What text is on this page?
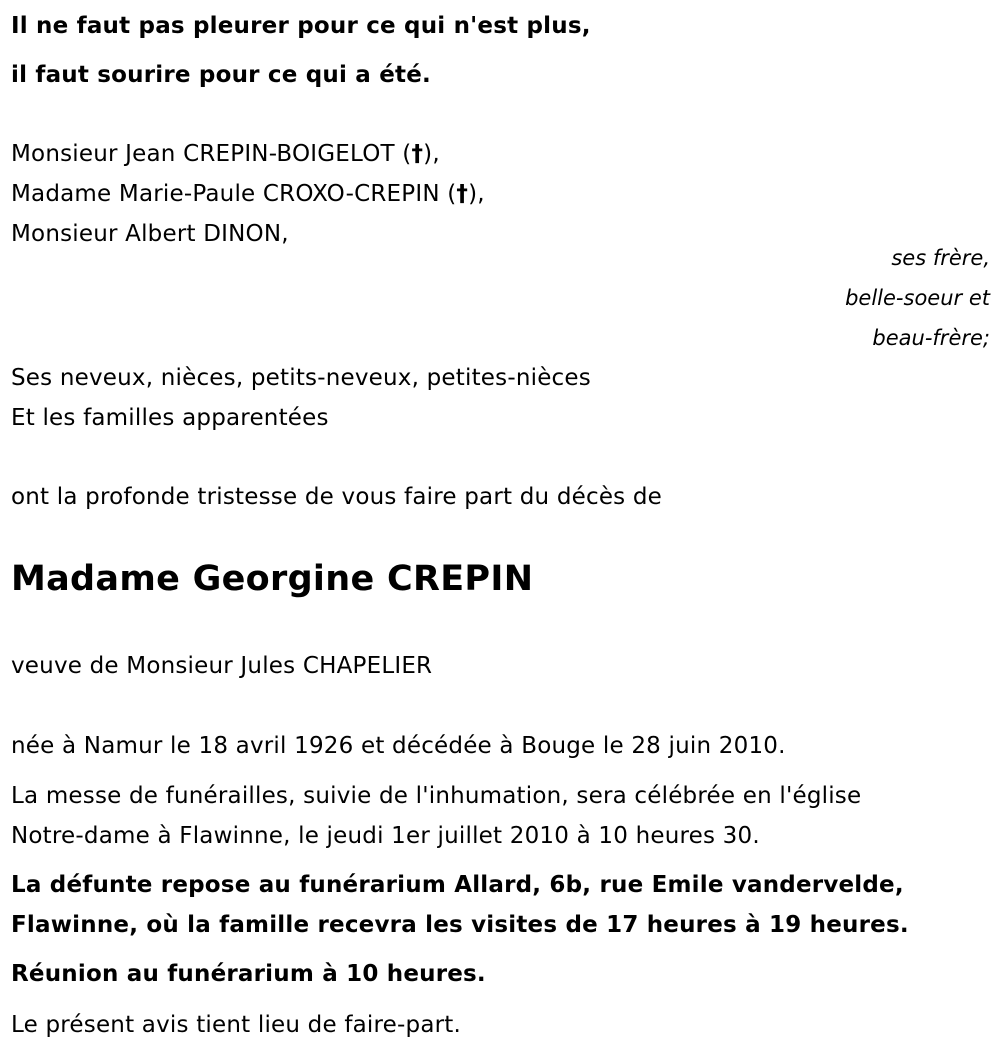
Il ne faut pas pleurer pour ce qui n'est plus,
il faut sourire pour ce qui a été.
Monsieur Jean CREPIN-BOIGELOT (†),
Madame Marie-Paule CROXO-CREPIN (†),
Monsieur Albert DINON,
ses frère,
belle-soeur et
beau-frère;
Ses neveux, nièces, petits-neveux, petites-nièces
Et les familles apparentées
ont la profonde tristesse de vous faire part du décès de
Madame Georgine CREPIN
veuve de Monsieur Jules CHAPELIER
née à Namur le 18 avril 1926 et décédée à Bouge le 28 juin 2010.
La messe de funérailles, suivie de l'inhumation, sera célébrée en l'église
Notre-dame à Flawinne, le jeudi 1er juillet 2010 à 10 heures 30.
La défunte repose au funérarium Allard, 6b, rue Emile vandervelde,
Flawinne, où la famille recevra les visites de 17 heures à 19 heures.
Réunion au funérarium à 10 heures.
Le présent avis tient lieu de faire-part.
